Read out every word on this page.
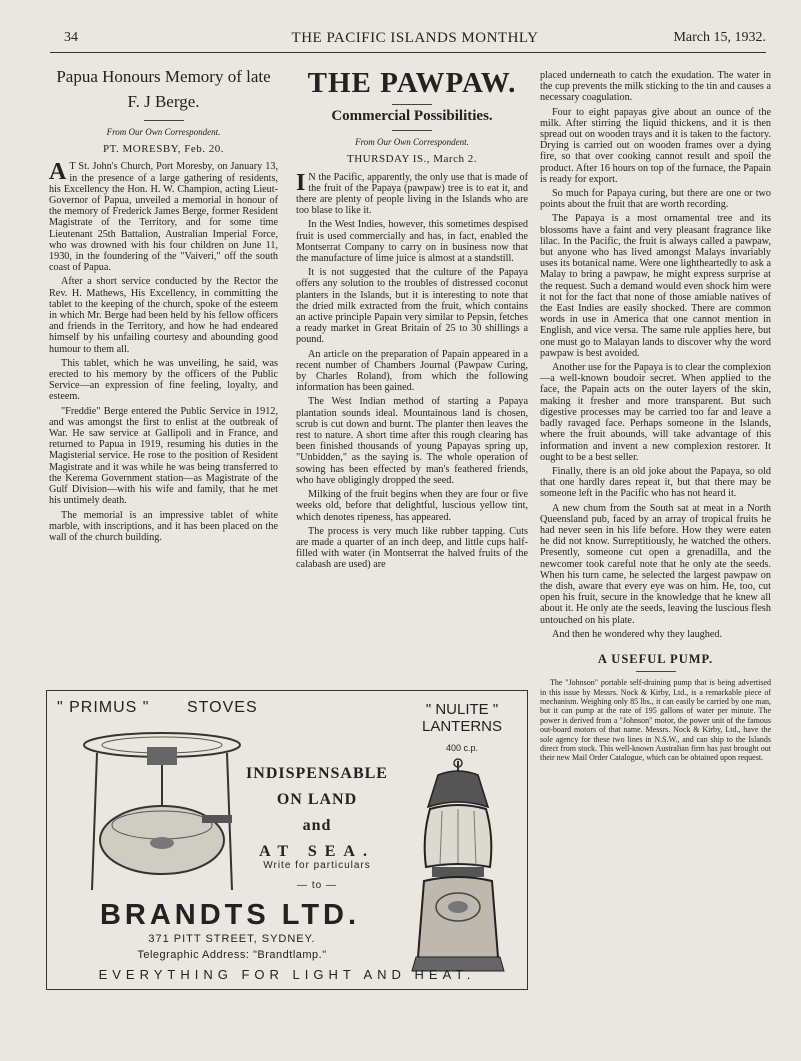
34	THE PACIFIC ISLANDS MONTHLY	March 15, 1932.
Papua Honours Memory of late F. J Berge.
From Our Own Correspondent.
PT. MORESBY, Feb. 20.

A T St. John's Church, Port Moresby, on January 13, in the presence of a large gathering of residents, his Excellency the Hon. H. W. Champion, acting Lieut-Governor of Papua, unveiled a memorial in honour of the memory of Frederick James Berge, former Resident Magistrate of the Territory, and for some time Lieutenant 25th Battalion, Australian Imperial Force, who was drowned with his four children on June 11, 1930, in the foundering of the "Vaiveri," off the south coast of Papua.

After a short service conducted by the Rector the Rev. H. Mathews, His Excellency, in committing the tablet to the keeping of the church, spoke of the esteem in which Mr. Berge had been held by his fellow officers and friends in the Territory, and how he had endeared himself by his unfailing courtesy and abounding good humour to them all.

This tablet, which he was unveiling, he said, was erected to his memory by the officers of the Public Service—an expression of fine feeling, loyalty, and esteem.

"Freddie" Berge entered the Public Service in 1912, and was amongst the first to enlist at the outbreak of War. He saw service at Gallipoli and in France, and returned to Papua in 1919, resuming his duties in the Magisterial service. He rose to the position of Resident Magistrate and it was while he was being transferred to the Kerema Government station—as Magistrate of the Gulf Division—with his wife and family, that he met his untimely death.

The memorial is an impressive tablet of white marble, with inscriptions, and it has been placed on the wall of the church building.

THE PAWPAW.
Commercial Possibilities.
From Our Own Correspondent.
THURSDAY IS., March 2.

I N the Pacific, apparently, the only use that is made of the fruit of the Papaya (pawpaw) tree is to eat it, and there are plenty of people living in the Islands who are too blase to like it.

In the West Indies, however, this sometimes despised fruit is used commercially and has, in fact, enabled the Montserrat Company to carry on in business now that the manufacture of lime juice is almost at a standstill.

It is not suggested that the culture of the Papaya offers any solution to the troubles of distressed coconut planters in the Islands, but it is interesting to note that the dried milk extracted from the fruit, which contains an active principle Papain very similar to Pepsin, fetches a ready market in Great Britain of 25 to 30 shillings a pound.

An article on the preparation of Papain appeared in a recent number of Chambers Journal (Pawpaw Curing, by Charles Roland), from which the following information has been gained.

The West Indian method of starting a Papaya plantation sounds ideal. Mountainous land is chosen, scrub is cut down and burnt. The planter then leaves the rest to nature. A short time after this rough clearing has been finished thousands of young Papayas spring up, "Unbidden," as the saying is. The whole operation of sowing has been effected by man's feathered friends, who have obligingly dropped the seed.

Milking of the fruit begins when they are four or five weeks old, before that delightful, luscious yellow tint, which denotes ripeness, has appeared.

The process is very much like rubber tapping. Cuts are made a quarter of an inch deep, and little cups half-filled with water (in Montserrat the halved fruits of the calabash are used) are

placed underneath to catch the exudation. The water in the cup prevents the milk sticking to the tin and causes a necessary coagulation.

Four to eight papayas give about an ounce of the milk. After stirring the liquid thickens, and it is then spread out on wooden trays and it is taken to the factory. Drying is carried out on wooden frames over a dying fire, so that over cooking cannot result and spoil the product. After 16 hours on top of the furnace, the Papain is ready for export.

So much for Papaya curing, but there are one or two points about the fruit that are worth recording.

The Papaya is a most ornamental tree and its blossoms have a faint and very pleasant fragrance like lilac. In the Pacific, the fruit is always called a pawpaw, but anyone who has lived amongst Malays invariably uses its botanical name. Were one lightheartedly to ask a Malay to bring a pawpaw, he might express surprise at the request. Such a demand would even shock him were it not for the fact that none of those amiable natives of the East Indies are easily shocked. There are common words in use in America that one cannot mention in English, and vice versa. The same rule applies here, but one must go to Malayan lands to discover why the word pawpaw is best avoided.

Another use for the Papaya is to clear the complexion—a well-known boudoir secret. When applied to the face, the Papain acts on the outer layers of the skin, making it fresher and more transparent. But such digestive processes may be carried too far and leave a badly ravaged face. Perhaps someone in the Islands, where the fruit abounds, will take advantage of this information and invent a new complexion restorer. It ought to be a best seller.

Finally, there is an old joke about the Papaya, so old that one hardly dares repeat it, but that there may be someone left in the Pacific who has not heard it.

A new chum from the South sat at meat in a North Queensland pub, faced by an array of tropical fruits he had never seen in his life before. How they were eaten he did not know. Surreptitiously, he watched the others. Presently, someone cut open a grenadilla, and the newcomer took careful note that he only ate the seeds. When his turn came, he selected the largest pawpaw on the dish, aware that every eye was on him. He, too, cut open his fruit, secure in the knowledge that he knew all about it. He only ate the seeds, leaving the luscious flesh untouched on his plate.

And then he wondered why they laughed.

A USEFUL PUMP.

The "Johnson" portable self-draining pump that is being advertised in this issue by Messrs. Nock & Kirby, Ltd., is a remarkable piece of mechanism. Weighing only 85 lbs., it can easily be carried by one man, but it can pump at the rate of 195 gallons of water per minute. The power is derived from a "Johnson" motor, the power unit of the famous out-board motors of that name. Messrs. Nock & Kirby, Ltd., have the sole agency for these two lines in N.S.W., and can ship to the Islands direct from stock. This well-known Australian firm has just brought out their new Mail Order Catalogue, which can be obtained upon request.

" PRIMUS " STOVES
INDISPENSABLE
ON LAND
and
AT SEA.
" NULITE " LANTERNS
400 c.p.
Write for particulars
— to —
BRANDTS LTD.
371 PITT STREET, SYDNEY.
Telegraphic Address: "Brandtlamp."
EVERYTHING FOR LIGHT AND HEAT.
